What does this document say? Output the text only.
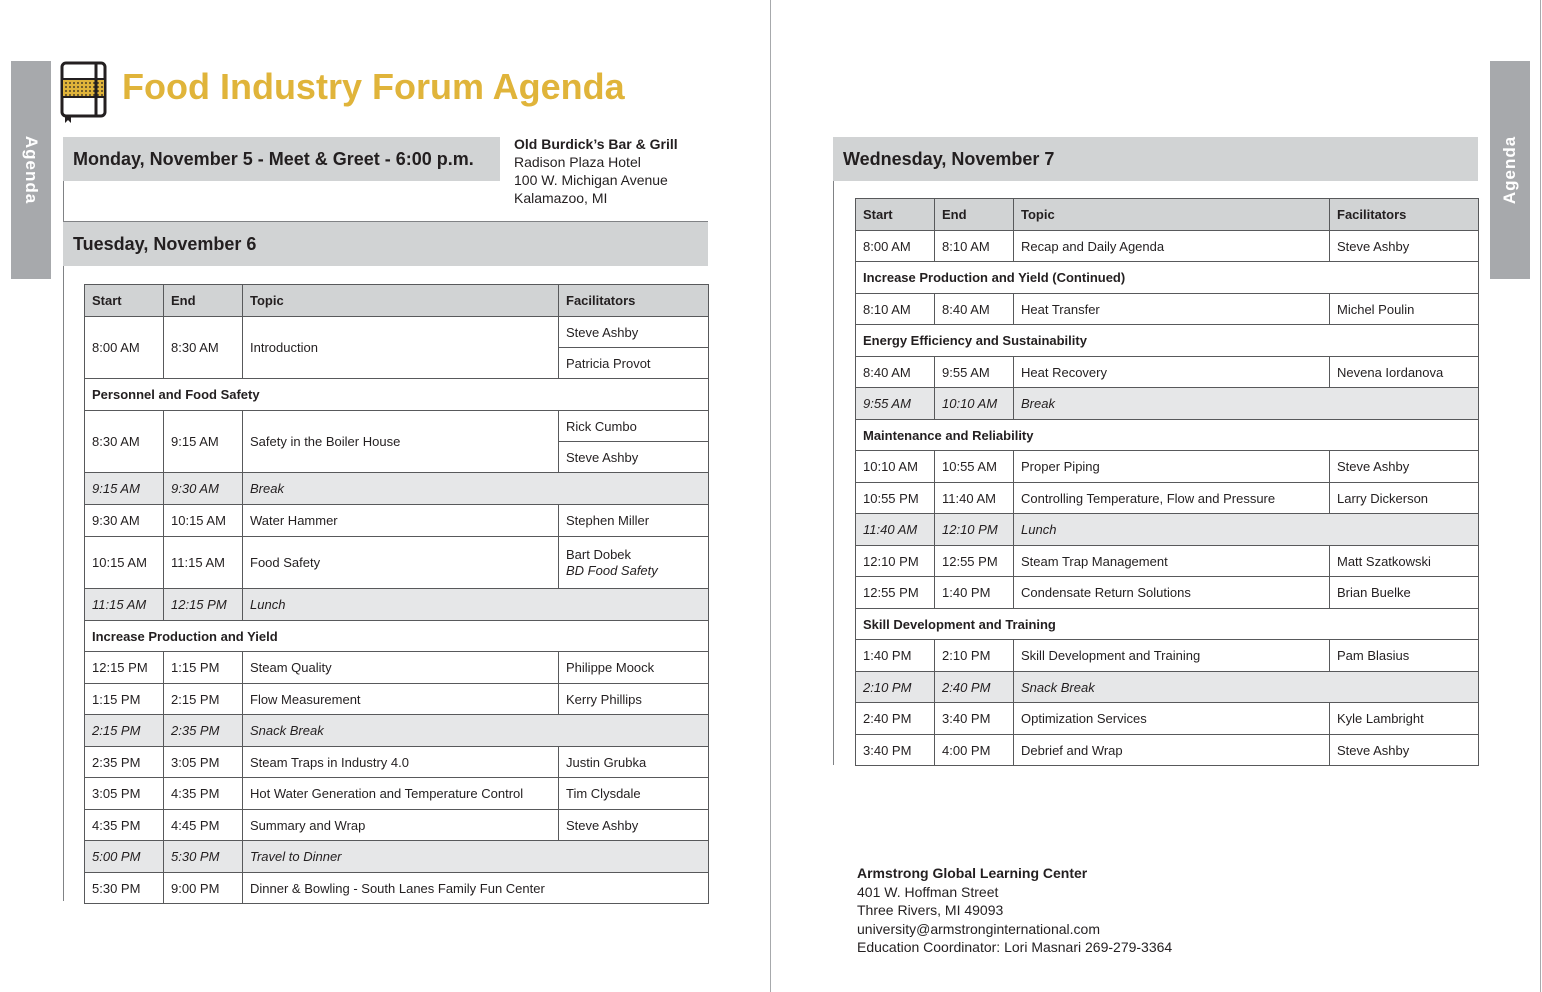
Agenda	Agenda
Food Industry Forum Agenda
Monday, November 5 - Meet & Greet - 6:00 p.m.
Old Burdick’s Bar & Grill
Radison Plaza Hotel
100 W. Michigan Avenue
Kalamazoo, MI
Tuesday, November 6
Start	End	Topic	Facilitators
8:00 AM	8:30 AM	Introduction	Steve Ashby
			Patricia Provot
Personnel and Food Safety			
8:30 AM	9:15 AM	Safety in the Boiler House	Rick Cumbo
			Steve Ashby
9:15 AM	9:30 AM	Break	
9:30 AM	10:15 AM	Water Hammer	Stephen Miller
10:15 AM	11:15 AM	Food Safety	Bart Dobek
BD Food Safety

11:15 AM	12:15 PM	Lunch	
Increase Production and Yield			
12:15 PM	1:15 PM	Steam Quality	Philippe Moock
1:15 PM	2:15 PM	Flow Measurement	Kerry Phillips
2:15 PM	2:35 PM	Snack Break	
2:35 PM	3:05 PM	Steam Traps in Industry 4.0	Justin Grubka
3:05 PM	4:35 PM	Hot Water Generation and Temperature Control	Tim Clysdale
4:35 PM	4:45 PM	Summary and Wrap	Steve Ashby
5:00 PM	5:30 PM	Travel to Dinner	
5:30 PM	9:00 PM	Dinner & Bowling - South Lanes Family Fun Center	
Wednesday, November 7
Start	End	Topic	Facilitators
8:00 AM	8:10 AM	Recap and Daily Agenda	Steve Ashby
Increase Production and Yield (Continued)			
8:10 AM	8:40 AM	Heat Transfer	Michel Poulin
Energy Efficiency and Sustainability			
8:40 AM	9:55 AM	Heat Recovery	Nevena Iordanova
9:55 AM	10:10 AM	Break	
Maintenance and Reliability			
10:10 AM	10:55 AM	Proper Piping	Steve Ashby
10:55 PM	11:40 AM	Controlling Temperature, Flow and Pressure	Larry Dickerson
11:40 AM	12:10 PM	Lunch	
12:10 PM	12:55 PM	Steam Trap Management	Matt Szatkowski
12:55 PM	1:40 PM	Condensate Return Solutions	Brian Buelke
Skill Development and Training			
1:40 PM	2:10 PM	Skill Development and Training	Pam Blasius
2:10 PM	2:40 PM	Snack Break	
2:40 PM	3:40 PM	Optimization Services	Kyle Lambright
3:40 PM	4:00 PM	Debrief and Wrap	Steve Ashby
Armstrong Global Learning Center
401 W. Hoffman Street
Three Rivers, MI 49093
university@armstronginternational.com
Education Coordinator: Lori Masnari 269-279-3364
